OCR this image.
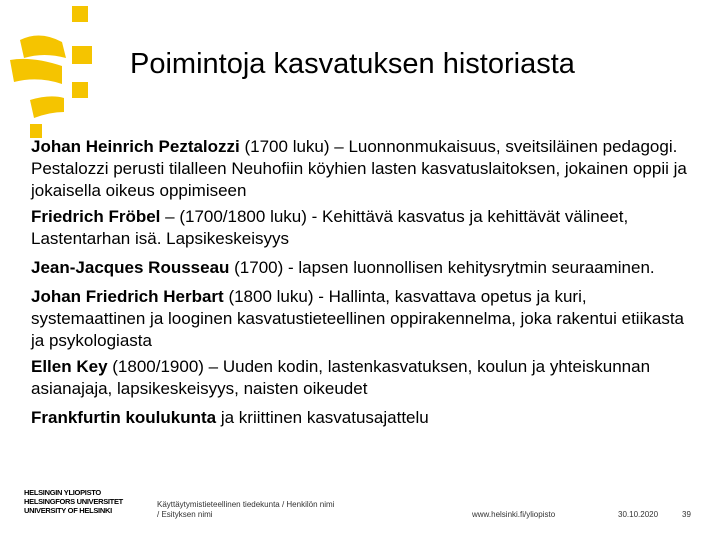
Poimintoja kasvatuksen historiasta

Johan Heinrich Peztalozzi (1700 luku) – Luonnonmukaisuus, sveitsiläinen pedagogi. Pestalozzi perusti tilalleen Neuhofiin köyhien lasten kasvatuslaitoksen, jokainen oppii ja jokaisella oikeus oppimiseen

Friedrich Fröbel – (1700/1800 luku) - Kehittävä kasvatus ja kehittävät välineet, Lastentarhan isä. Lapsikeskeisyys

Jean-Jacques Rousseau (1700) - lapsen luonnollisen kehitysrytmin seuraaminen.

Johan Friedrich Herbart (1800 luku) - Hallinta, kasvattava opetus ja kuri, systemaattinen ja looginen kasvatustieteellinen oppirakennelma, joka rakentui etiikasta ja psykologiasta

Ellen Key (1800/1900) – Uuden kodin, lastenkasvatuksen, koulun ja yhteiskunnan asianajaja, lapsikeskeisyys, naisten oikeudet

Frankfurtin koulukunta ja kriittinen kasvatusajattelu

HELSINGIN YLIOPISTO
HELSINGFORS UNIVERSITET
UNIVERSITY OF HELSINKI
Käyttäytymistieteellinen tiedekunta / Henkilön nimi
/ Esityksen nimi	www.helsinki.fi/yliopisto	30.10.2020	39
